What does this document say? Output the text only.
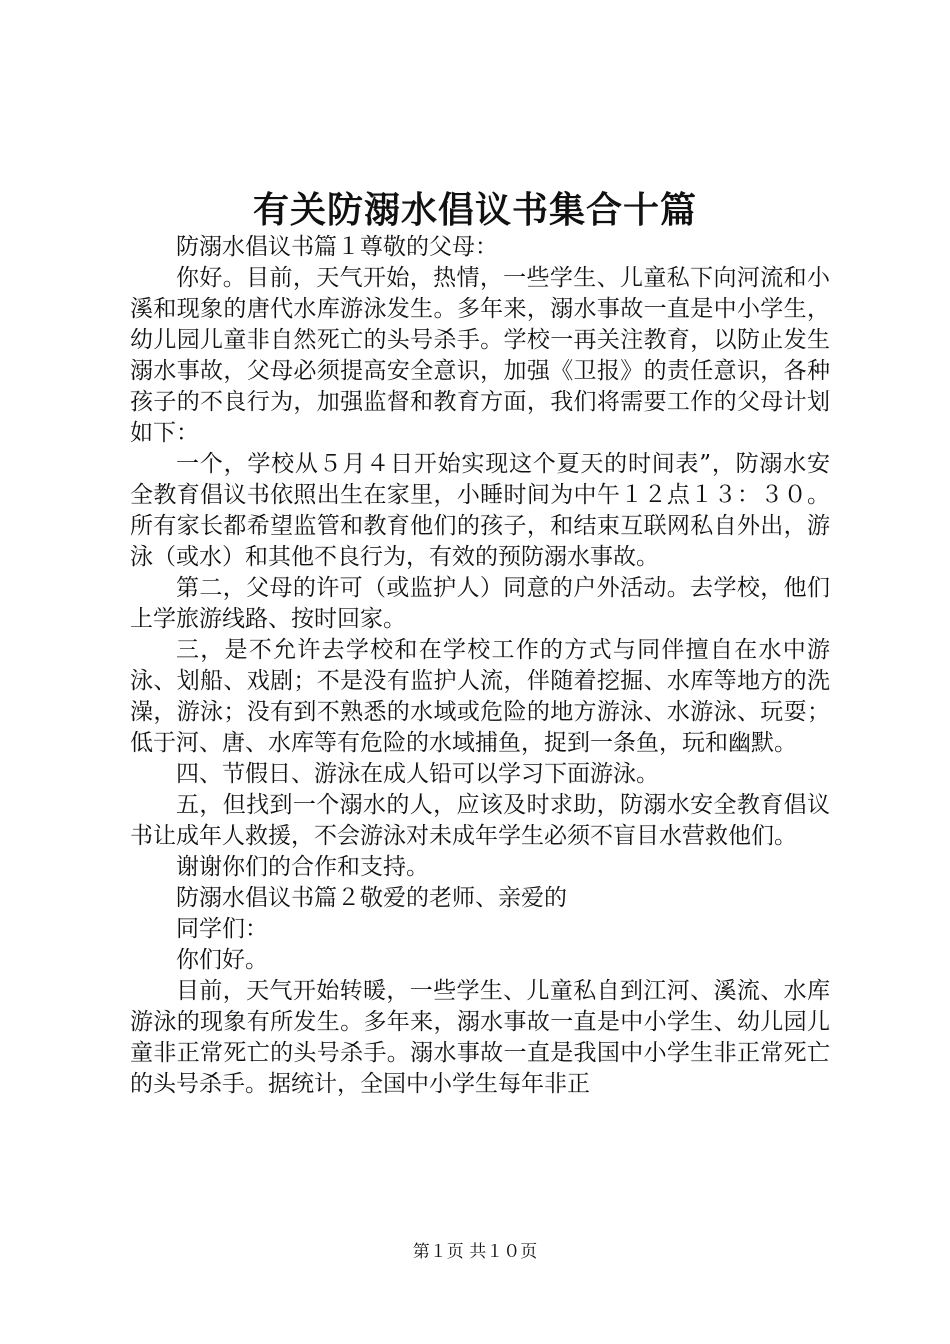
有关防溺水倡议书集合十篇

防溺水倡议书篇１尊敬的父母：

你好。目前，天气开始，热情，一些学生、儿童私下向河流和小溪和现象的唐代水库游泳发生。多年来，溺水事故一直是中小学生，幼儿园儿童非自然死亡的头号杀手。学校一再关注教育，以防止发生溺水事故，父母必须提高安全意识，加强《卫报》的责任意识，各种孩子的不良行为，加强监督和教育方面，我们将需要工作的父母计划如下：

一个，学校从５月４日开始实现这个夏天的时间表”，防溺水安全教育倡议书依照出生在家里，小睡时间为中午１２点１３：３０。所有家长都希望监管和教育他们的孩子，和结束互联网私自外出，游泳（或水）和其他不良行为，有效的预防溺水事故。

第二，父母的许可（或监护人）同意的户外活动。去学校，他们上学旅游线路、按时回家。

三，是不允许去学校和在学校工作的方式与同伴擅自在水中游泳、划船、戏剧；不是没有监护人流，伴随着挖掘、水库等地方的洗澡，游泳；没有到不熟悉的水域或危险的地方游泳、水游泳、玩耍；低于河、唐、水库等有危险的水域捕鱼，捉到一条鱼，玩和幽默。

四、节假日、游泳在成人铅可以学习下面游泳。

五，但找到一个溺水的人，应该及时求助，防溺水安全教育倡议书让成年人救援，不会游泳对未成年学生必须不盲目水营救他们。

谢谢你们的合作和支持。

防溺水倡议书篇２敬爱的老师、亲爱的

同学们：

你们好。

目前，天气开始转暖，一些学生、儿童私自到江河、溪流、水库游泳的现象有所发生。多年来，溺水事故一直是中小学生、幼儿园儿童非正常死亡的头号杀手。溺水事故一直是我国中小学生非正常死亡的头号杀手。据统计，全国中小学生每年非正

第１页 共１０页
